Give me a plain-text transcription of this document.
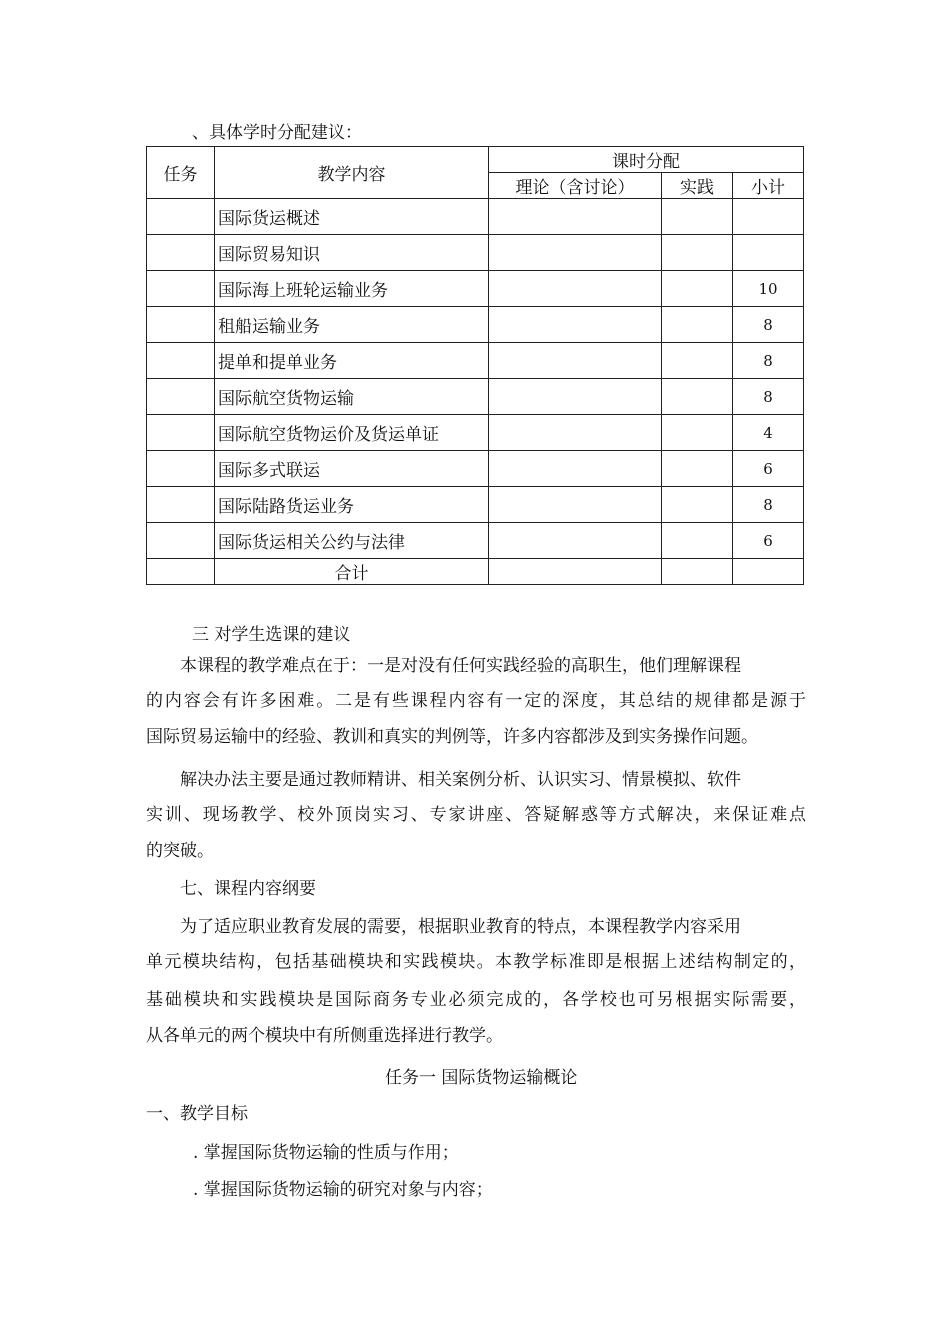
、具体学时分配建议：
任务	教学内容	课时分配		
		理论（含讨论）	实践	小计
	国际货运概述			
	国际贸易知识			
	国际海上班轮运输业务			10
	租船运输业务			8
	提单和提单业务			8
	国际航空货物运输			8
	国际航空货物运价及货运单证			4
	国际多式联运			6
	国际陆路货运业务			8
	国际货运相关公约与法律			6
	合计			
三 对学生选课的建议
本课程的教学难点在于：一是对没有任何实践经验的高职生，他们理解课程
的内容会有许多困难。二是有些课程内容有一定的深度，其总结的规律都是源于
国际贸易运输中的经验、教训和真实的判例等，许多内容都涉及到实务操作问题。
解决办法主要是通过教师精讲、相关案例分析、认识实习、情景模拟、软件
实训、现场教学、校外顶岗实习、专家讲座、答疑解惑等方式解决，来保证难点
的突破。
七、课程内容纲要
为了适应职业教育发展的需要，根据职业教育的特点，本课程教学内容采用
单元模块结构，包括基础模块和实践模块。本教学标准即是根据上述结构制定的，
基础模块和实践模块是国际商务专业必须完成的，各学校也可另根据实际需要，
从各单元的两个模块中有所侧重选择进行教学。
任务一 国际货物运输概论
一、教学目标
. 掌握国际货物运输的性质与作用；
. 掌握国际货物运输的研究对象与内容；
